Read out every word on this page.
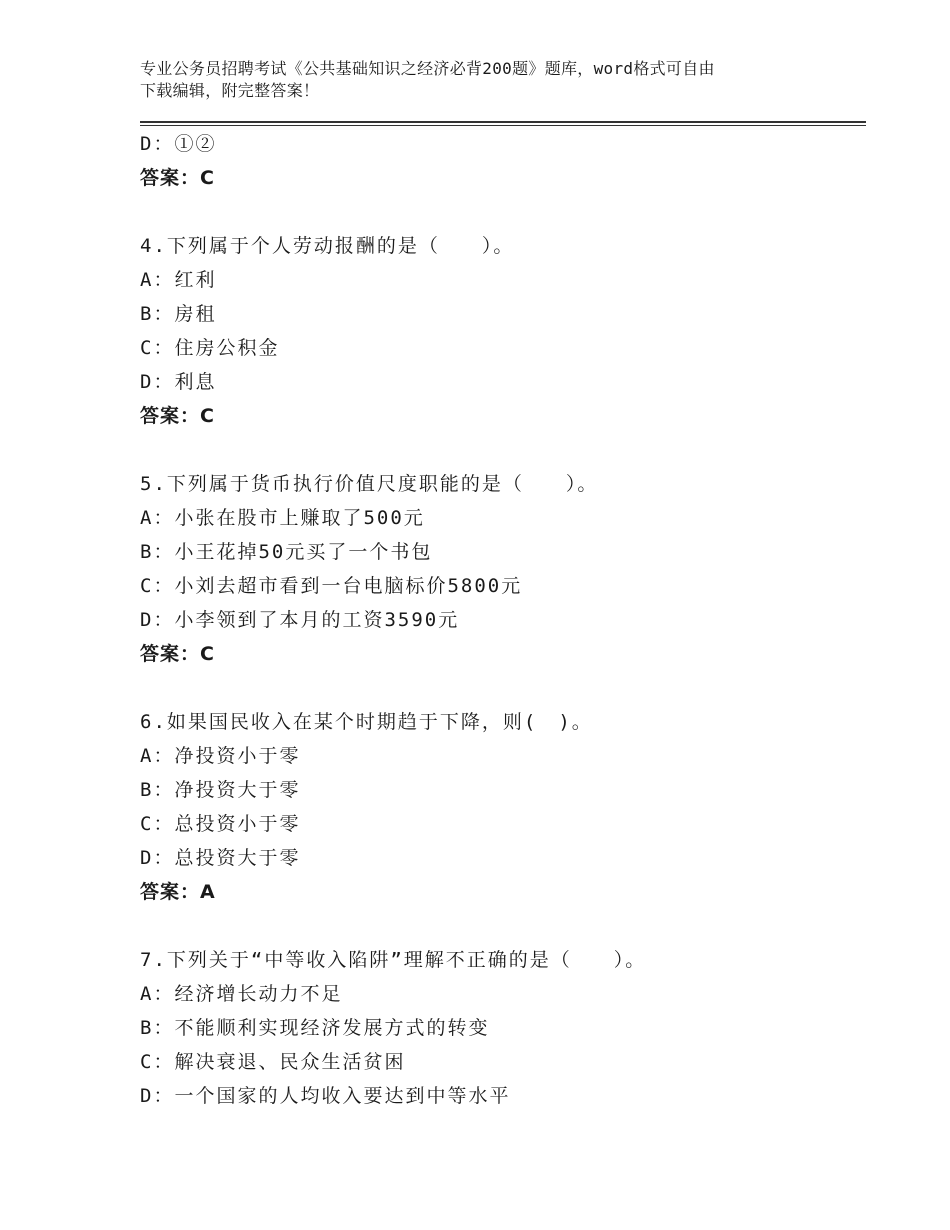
专业公务员招聘考试《公共基础知识之经济必背200题》题库，word格式可自由
下载编辑，附完整答案！
D：①②
答案：C
4.下列属于个人劳动报酬的是（　　）。
A：红利
B：房租
C：住房公积金
D：利息
答案：C
5.下列属于货币执行价值尺度职能的是（　　）。
A：小张在股市上赚取了500元
B：小王花掉50元买了一个书包
C：小刘去超市看到一台电脑标价5800元
D：小李领到了本月的工资3590元
答案：C
6.如果国民收入在某个时期趋于下降，则(　)。
A：净投资小于零
B：净投资大于零
C：总投资小于零
D：总投资大于零
答案：A
7.下列关于“中等收入陷阱”理解不正确的是（　　）。
A：经济增长动力不足
B：不能顺利实现经济发展方式的转变
C：解决衰退、民众生活贫困
D：一个国家的人均收入要达到中等水平
